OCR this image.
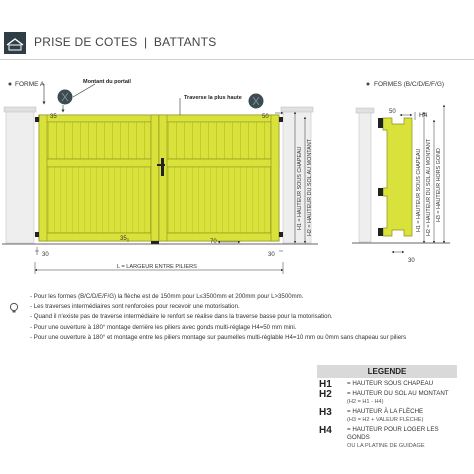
PRISE DE COTES | BATTANTS
FORME A	Montant du portail
Traverse la plus haute
35	50
H1 = HAUTEUR SOUS CHAPEAU H2 = HAUTEUR DU SOL AU MONTANT
35	70
30	30
L = LARGEUR ENTRE PILIERS
FORMES (B/C/D/E/F/G)
50	H4
H1 = HAUTEUR SOUS CHAPEAU H2 = HAUTEUR DU SOL AU MONTANT H3 = HAUTEUR HORS GOND
30
- Pour les formes (B/C/D/E/F/G) la flèche est de 150mm pour L≤3500mm et 200mm pour L>3500mm.
- Les traverses intermédiaires sont renforcées pour recevoir une motorisation.
- Quand il n'existe pas de traverse intermédiaire le renfort se réalise dans la traverse basse pour la motorisation.
- Pour une ouverture à 180° montage derrière les piliers avec gonds multi-réglage H4=50 mm mini.
- Pour une ouverture à 180° et montage entre les piliers montage sur paumelles multi-réglable H4=10 mm ou 0mm sans chapeau sur piliers
LEGENDE
H1 = HAUTEUR SOUS CHAPEAU
H2 = HAUTEUR DU SOL AU MONTANT
(H2 = H1 - H4)
H3 = HAUTEUR À LA FLÈCHE
(H3 = H2 + VALEUR FLÈCHE)
H4 = HAUTEUR POUR LOGER LES GONDS
OU LA PLATINE DE GUIDAGE
